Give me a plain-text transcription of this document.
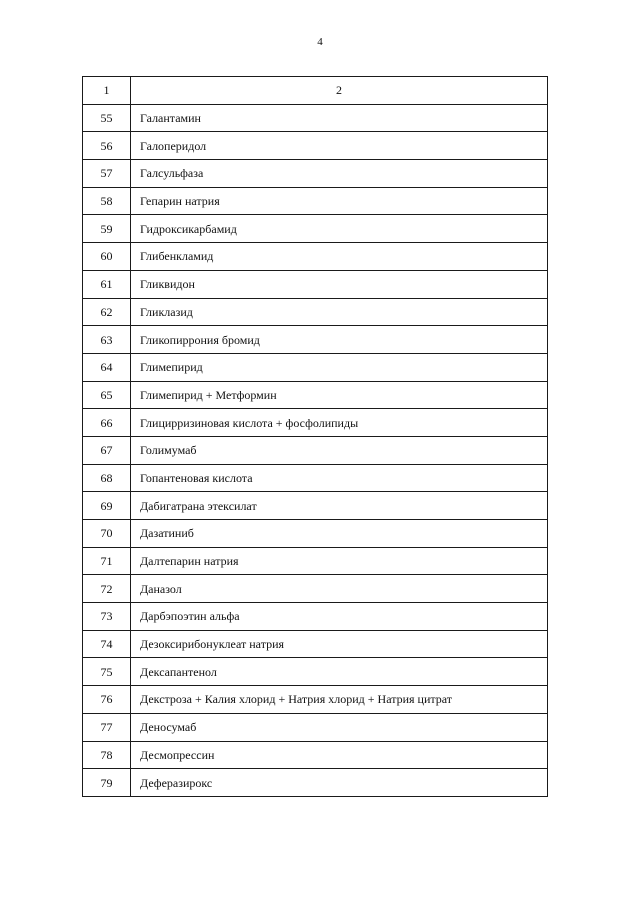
4
1	2
55	Галантамин
56	Галоперидол
57	Галсульфаза
58	Гепарин натрия
59	Гидроксикарбамид
60	Глибенкламид
61	Гликвидон
62	Гликлазид
63	Гликопиррония бромид
64	Глимепирид
65	Глимепирид + Метформин
66	Глицирризиновая кислота + фосфолипиды
67	Голимумаб
68	Гопантеновая кислота
69	Дабигатрана этексилат
70	Дазатиниб
71	Далтепарин натрия
72	Даназол
73	Дарбэпоэтин альфа
74	Дезоксирибонуклеат натрия
75	Дексапантенол
76	Декстроза + Калия хлорид + Натрия хлорид + Натрия цитрат
77	Деносумаб
78	Десмопрессин
79	Деферазирокс
